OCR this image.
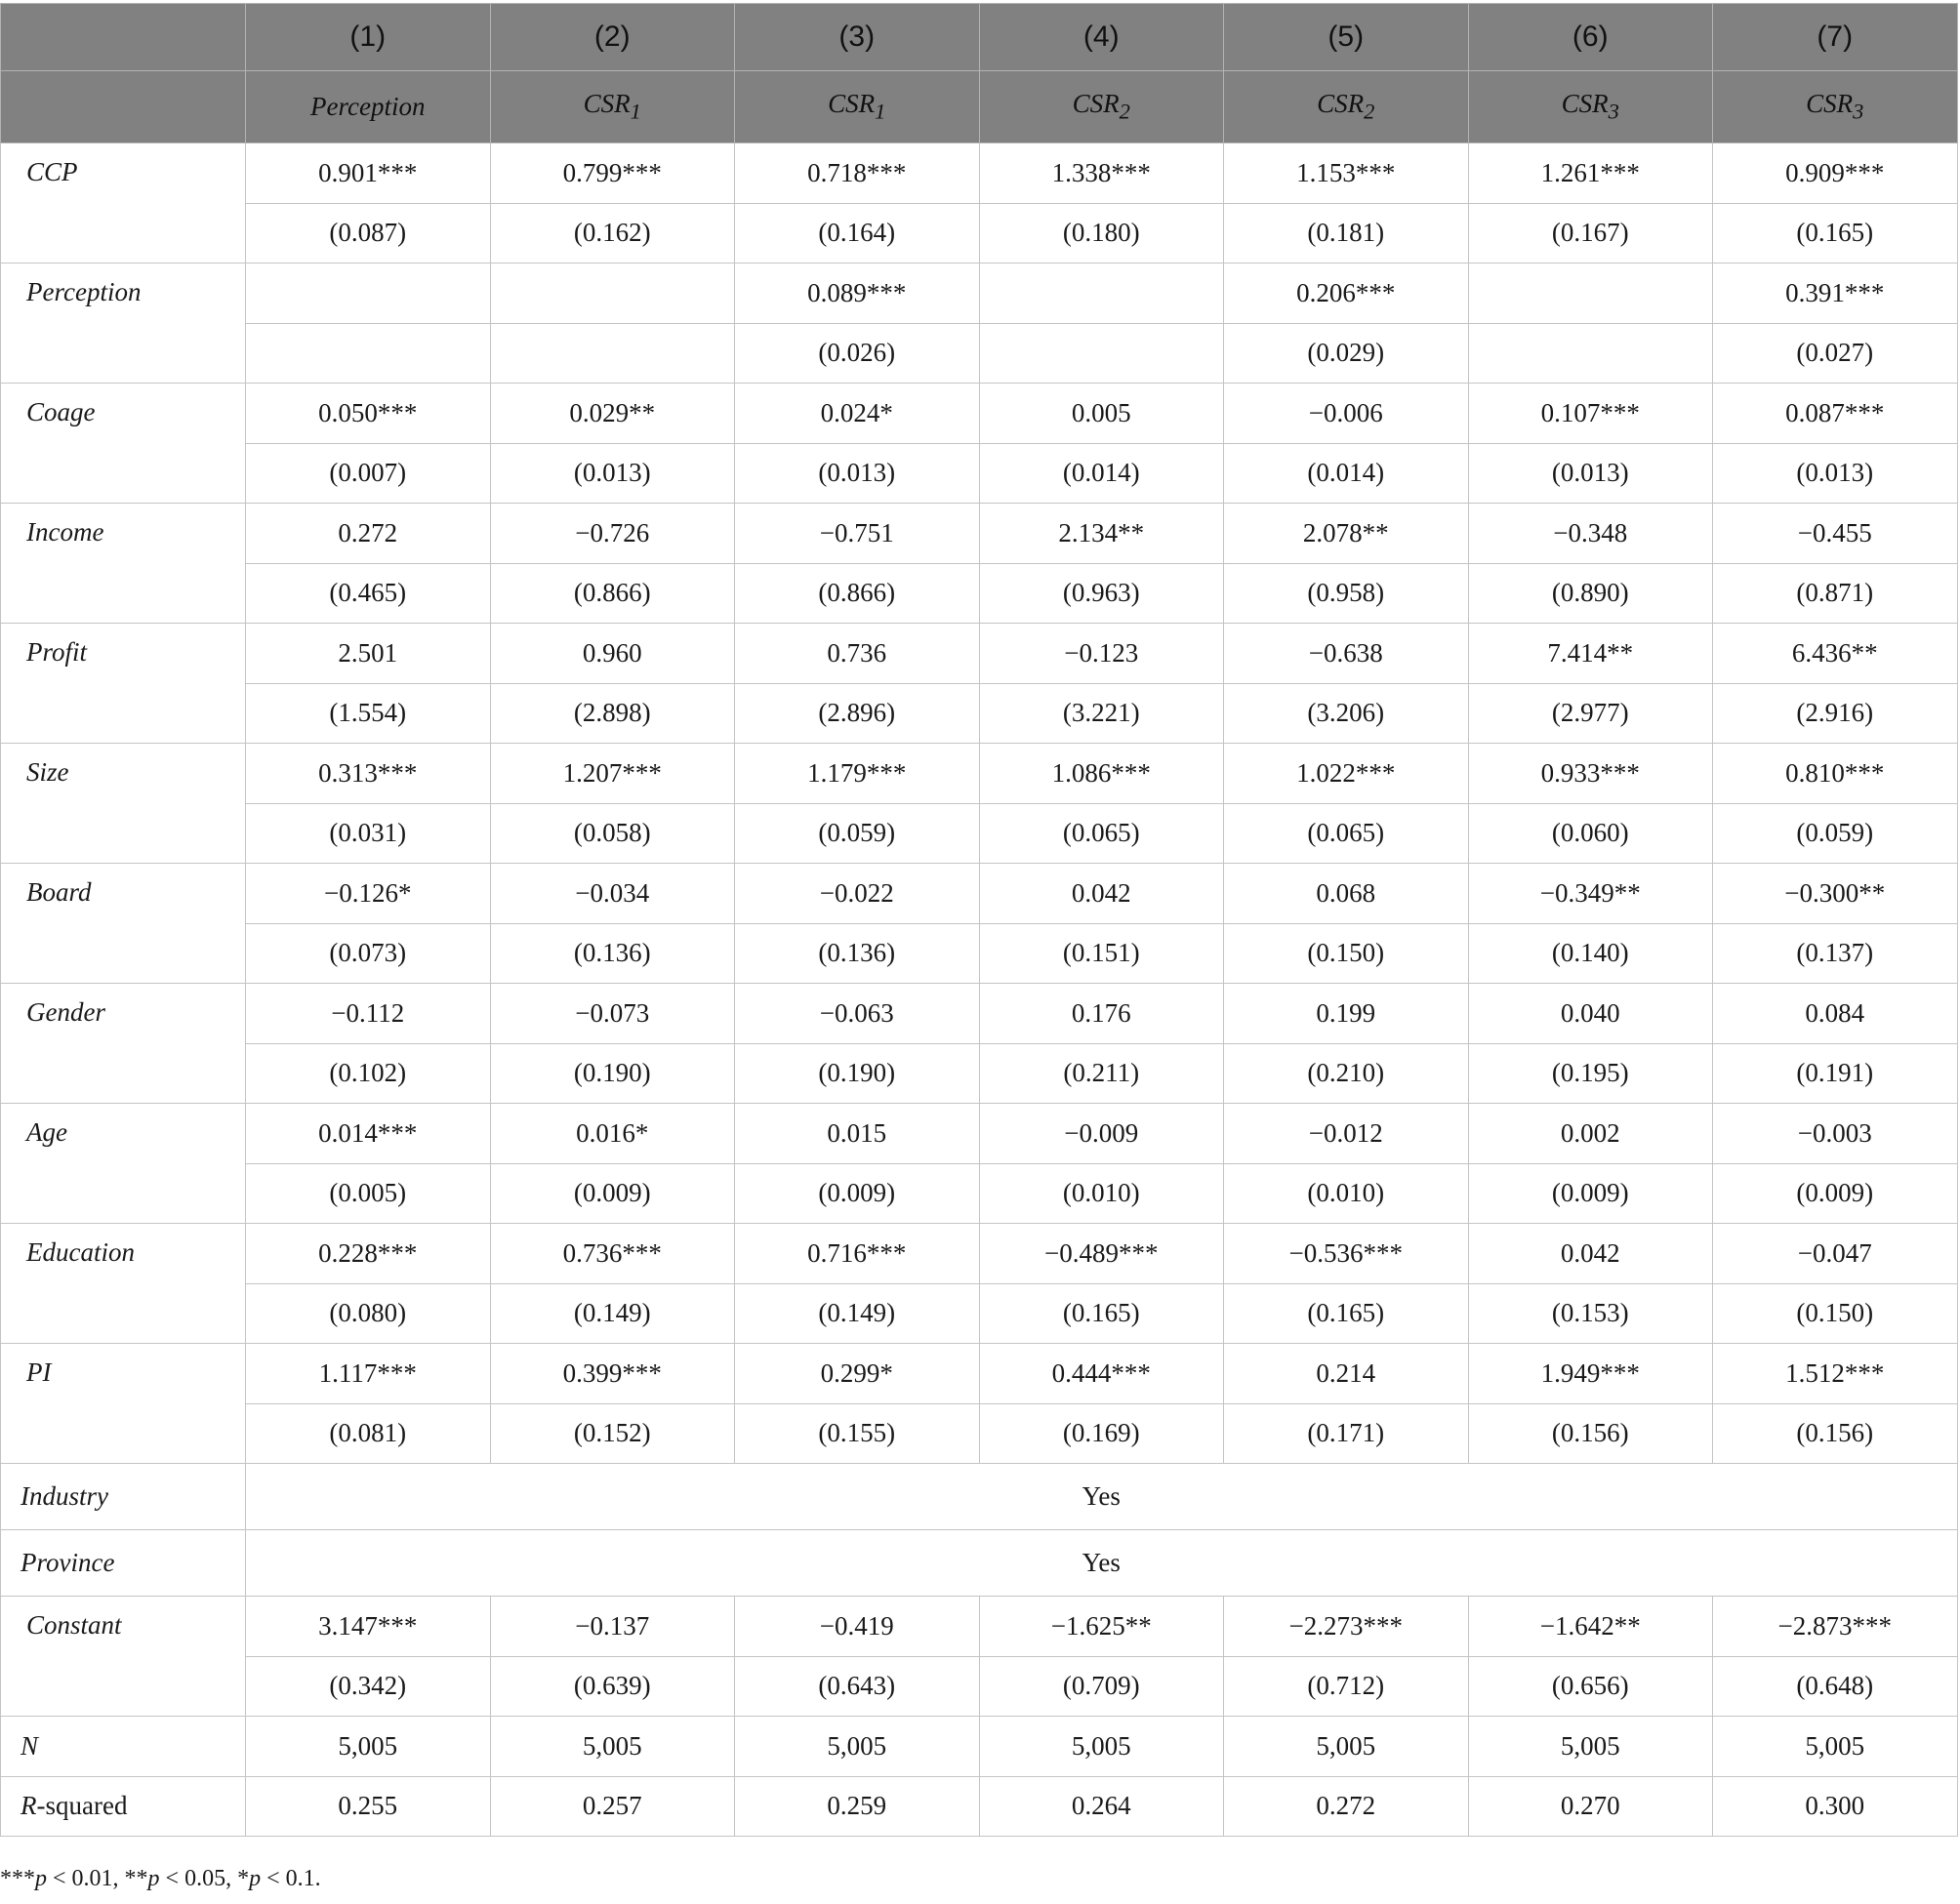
	(1)	(2)	(3)	(4)	(5)	(6)	(7)
	Perception	$CSR_1$	$CSR_1$	$CSR_2$	$CSR_2$	$CSR_3$	$CSR_3$
CCP	0.901***	0.799***	0.718***	1.338***	1.153***	1.261***	0.909***
	(0.087)	(0.162)	(0.164)	(0.180)	(0.181)	(0.167)	(0.165)
Perception			0.089***		0.206***		0.391***
			(0.026)		(0.029)		(0.027)
Coage	0.050***	0.029**	0.024*	0.005	−0.006	0.107***	0.087***
	(0.007)	(0.013)	(0.013)	(0.014)	(0.014)	(0.013)	(0.013)
Income	0.272	−0.726	−0.751	2.134**	2.078**	−0.348	−0.455
	(0.465)	(0.866)	(0.866)	(0.963)	(0.958)	(0.890)	(0.871)
Profit	2.501	0.960	0.736	−0.123	−0.638	7.414**	6.436**
	(1.554)	(2.898)	(2.896)	(3.221)	(3.206)	(2.977)	(2.916)
Size	0.313***	1.207***	1.179***	1.086***	1.022***	0.933***	0.810***
	(0.031)	(0.058)	(0.059)	(0.065)	(0.065)	(0.060)	(0.059)
Board	−0.126*	−0.034	−0.022	0.042	0.068	−0.349**	−0.300**
	(0.073)	(0.136)	(0.136)	(0.151)	(0.150)	(0.140)	(0.137)
Gender	−0.112	−0.073	−0.063	0.176	0.199	0.040	0.084
	(0.102)	(0.190)	(0.190)	(0.211)	(0.210)	(0.195)	(0.191)
Age	0.014***	0.016*	0.015	−0.009	−0.012	0.002	−0.003
	(0.005)	(0.009)	(0.009)	(0.010)	(0.010)	(0.009)	(0.009)
Education	0.228***	0.736***	0.716***	−0.489***	−0.536***	0.042	−0.047
	(0.080)	(0.149)	(0.149)	(0.165)	(0.165)	(0.153)	(0.150)
PI	1.117***	0.399***	0.299*	0.444***	0.214	1.949***	1.512***
	(0.081)	(0.152)	(0.155)	(0.169)	(0.171)	(0.156)	(0.156)
Industry	Yes						
Province	Yes						
Constant	3.147***	−0.137	−0.419	−1.625**	−2.273***	−1.642**	−2.873***
	(0.342)	(0.639)	(0.643)	(0.709)	(0.712)	(0.656)	(0.648)
N	5,005	5,005	5,005	5,005	5,005	5,005	5,005
R-squared	0.255	0.257	0.259	0.264	0.272	0.270	0.300
***p < 0.01, **p < 0.05, *p < 0.1.
